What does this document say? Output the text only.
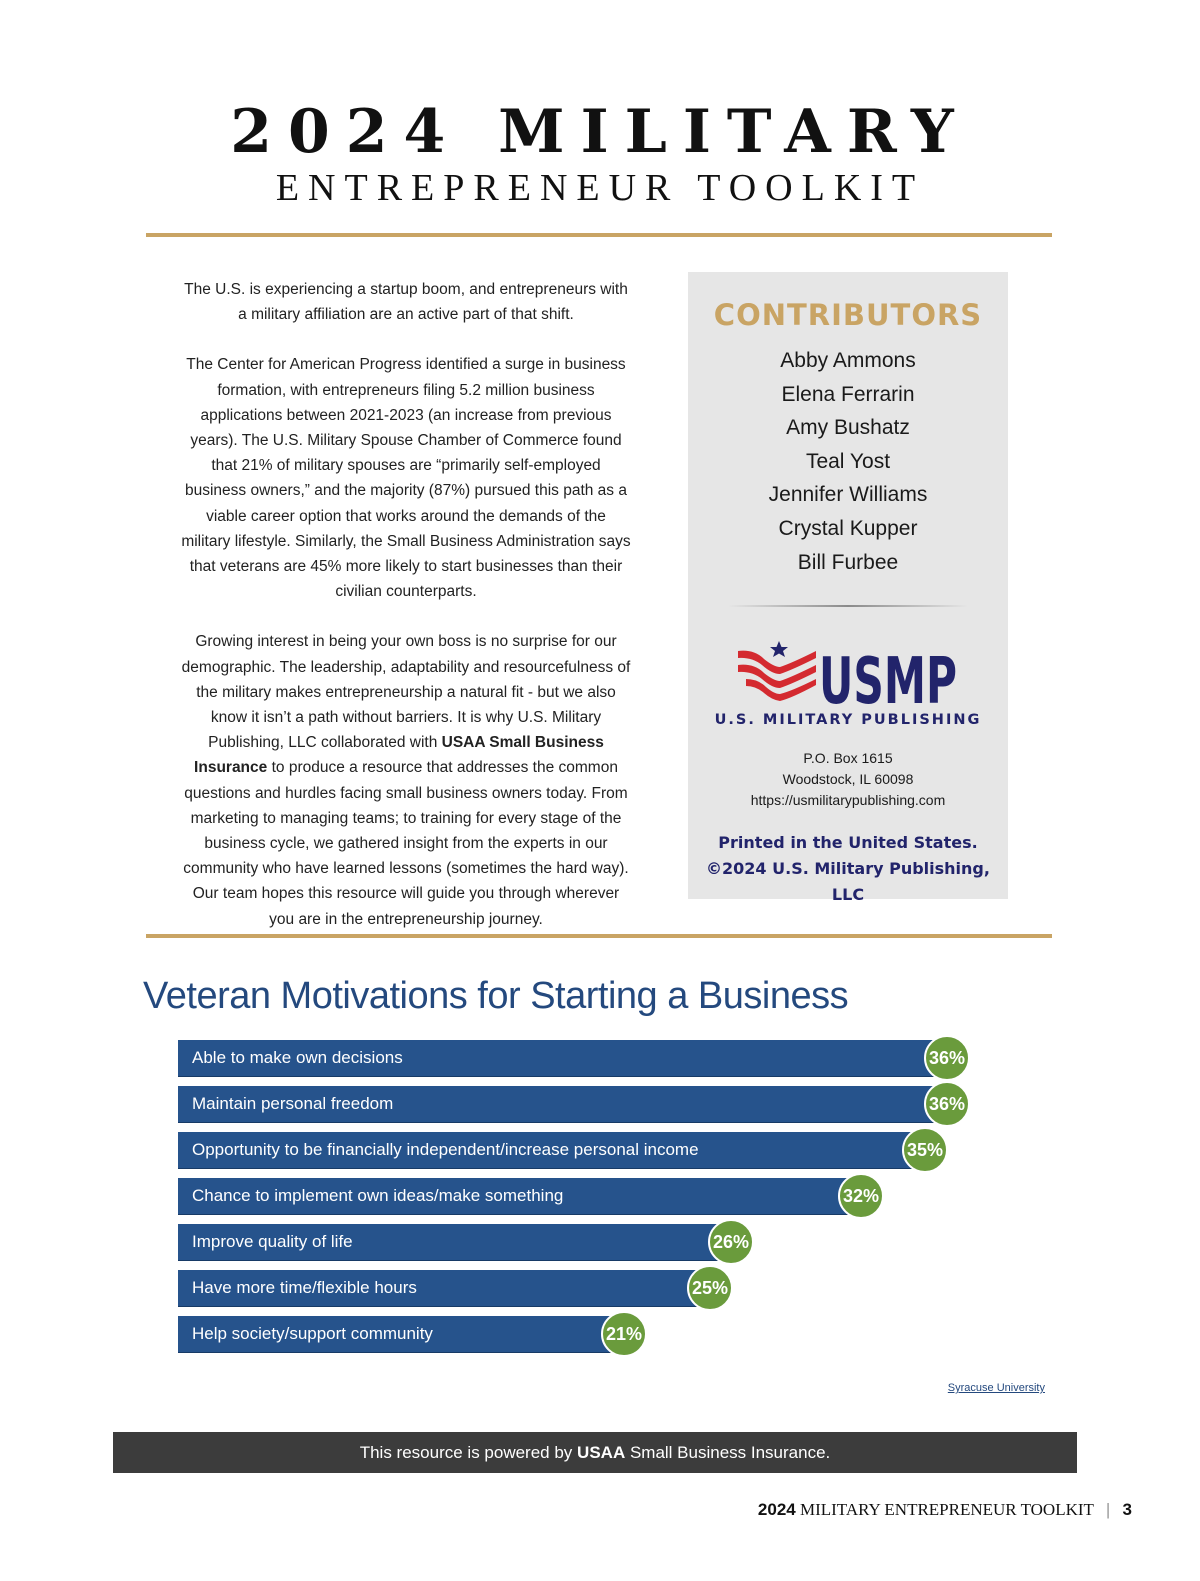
2024 MILITARY
ENTREPRENEUR TOOLKIT

The U.S. is experiencing a startup boom, and entrepreneurs with a military affiliation are an active part of that shift.

The Center for American Progress identified a surge in business formation, with entrepreneurs filing 5.2 million business applications between 2021-2023 (an increase from previous years). The U.S. Military Spouse Chamber of Commerce found that 21% of military spouses are “primarily self-employed business owners,” and the majority (87%) pursued this path as a viable career option that works around the demands of the military lifestyle. Similarly, the Small Business Administration says that veterans are 45% more likely to start businesses than their civilian counterparts.

Growing interest in being your own boss is no surprise for our demographic. The leadership, adaptability and resourcefulness of the military makes entrepreneurship a natural fit - but we also know it isn’t a path without barriers. It is why U.S. Military Publishing, LLC collaborated with USAA Small Business Insurance to produce a resource that addresses the common questions and hurdles facing small business owners today. From marketing to managing teams; to training for every stage of the business cycle, we gathered insight from the experts in our community who have learned lessons (sometimes the hard way). Our team hopes this resource will guide you through wherever you are in the entrepreneurship journey.

CONTRIBUTORS
Abby Ammons
Elena Ferrarin
Amy Bushatz
Teal Yost
Jennifer Williams
Crystal Kupper
Bill Furbee
USMP
U.S. MILITARY PUBLISHING
P.O. Box 1615
Woodstock, IL 60098
https://usmilitarypublishing.com
Printed in the United States.
©2024 U.S. Military Publishing, LLC
Veteran Motivations for Starting a Business
Able to make own decisions	36%
Maintain personal freedom	36%
Opportunity to be financially independent/increase personal income	35%
Chance to implement own ideas/make something	32%
Improve quality of life	26%
Have more time/flexible hours	25%
Help society/support community	21%
Syracuse University
This resource is powered by USAA Small Business Insurance.
2024 MILITARY ENTREPRENEUR TOOLKIT | 3
